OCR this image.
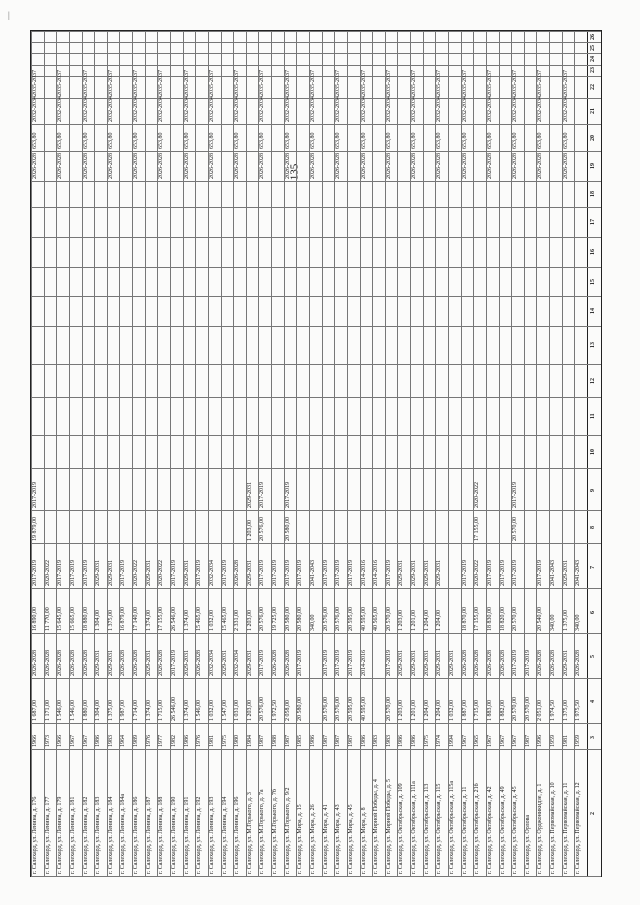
|
135
2
3
4
5
6
7
8
9
10
11
12
13
14
15
16
17
18
19
20
21
22
23
24
25
26
г. Салехард, ул. Ленина, д. 176
1966
1 687,00
2026-2028
16 890,00
2017-2019
19 879,00
2017-2019
г. Салехард, ул. Ленина, д. 177
1973
1 171,00
2026-2028
11 770,00
2020-2022
г. Салехард, ул. Ленина, д. 179
1966
1 546,00
2026-2028
15 645,00
2017-2019
г. Салехард, ул. Ленина, д. 181
1967
1 546,00
2026-2028
15 665,00
2017-2019
г. Салехард, ул. Ленина, д. 182
1967
1 880,00
2026-2028
18 880,00
2017-2019
г. Салехард, ул. Ленина, д. 183
1986
1 304,00
2029-2031
1 304,00
2029-2031
г. Салехард, ул. Ленина, д. 184
1983
1 375,00
2029-2031
1 375,00
2029-2031
г. Салехард, ул. Ленина, д. 184а
1964
1 987,00
2026-2028
16 879,00
2017-2019
г. Салехард, ул. Ленина, д. 186
1989
1 714,00
2026-2028
17 140,00
2020-2022
г. Салехард, ул. Ленина, д. 187
1976
1 374,00
2029-2031
1 374,00
2029-2031
г. Салехард, ул. Ленина, д. 188
1977
1 715,00
2026-2028
17 155,00
2020-2022
г. Салехард, ул. Ленина, д. 190
1982
26 546,00
2017-2019
26 546,00
2017-2019
г. Салехард, ул. Ленина, д. 191
1986
1 374,00
2029-2031
1 374,00
2029-2031
г. Салехард, ул. Ленина, д. 192
1976
1 546,00
2026-2028
15 465,00
2017-2019
г. Салехард, ул. Ленина, д. 193
1981
1 032,00
2032-2034
1 032,00
2032-2034
г. Салехард, ул. Ленина, д. 194
1975
1 547,00
2029-2031
15 465,00
2017-2019
г. Салехард, ул. Ленина, д. 196
1980
1 031,00
2032-2034
2 331,00
2026-2028
г. Салехард, ул. М.Горького, д. 3
1984
1 203,00
2029-2031
1 203,00
2029-2031
1 203,00
2029-2031
г. Салехард, ул. М.Горького, д. 7а
1987
20 576,00
2017-2019
20 576,00
2017-2019
20 576,00
2017-2019
г. Салехард, ул. М.Горького, д. 7б
1988
1 972,50
2026-2028
19 725,00
2017-2019
г. Салехард, ул. М.Горького, д. 9/2
1987
2 058,00
2026-2028
20 580,00
2017-2019
20 580,00
2017-2019
г. Салехард, ул. Мира, д. 15
1985
20 580,00
2017-2019
20 580,00
2017-2019
г. Салехард, ул. Мира, д. 26
1986
340,00
2041-2043
г. Салехард, ул. Мира, д. 41
1987
20 576,00
2017-2019
20 576,00
2017-2019
г. Салехард, ул. Мира, д. 43
1987
20 576,00
2017-2019
20 576,00
2017-2019
г. Салехард, ул. Мира, д. 45
1987
20 595,00
2017-2019
20 595,00
2017-2019
г. Салехард, ул. Мира, д. 8
1986
40 595,00
2014-2016
40 595,00
2014-2016
г. Салехард, ул. Мирной Победы, д. 4
1983
40 565,00
2014-2016
г. Салехард, ул. Мирной Победы, д. 5
1983
20 570,00
2017-2019
20 570,00
2017-2019
г. Салехард, ул. Октябрьская, д. 109
1986
1 203,00
2029-2031
1 203,00
2029-2031
г. Салехард, ул. Октябрьская, д. 111а
1986
1 201,00
2029-2031
1 201,00
2029-2031
г. Салехард, ул. Октябрьская, д. 113
1975
1 204,00
2029-2031
1 204,00
2029-2031
г. Салехард, ул. Октябрьская, д. 115
1974
1 204,00
2029-2031
1 204,00
2029-2031
г. Салехард, ул. Октябрьская, д. 115а
1994
1 032,00
2029-2031
г. Салехард, ул. Октябрьская, д. 11
1967
1 887,00
2026-2028
18 870,00
2017-2019
г. Салехард, ул. Октябрьская, д. 21б
1965
1 715,00
2026-2028
17 155,00
2020-2022
17 155,00
2020-2022
г. Салехард, ул. Октябрьская, д. 42
1967
1 883,00
2026-2028
18 830,00
2017-2019
г. Салехард, ул. Октябрьская, д. 49
1967
1 882,00
2026-2028
18 820,00
2017-2019
г. Салехард, ул. Октябрьская, д. 45
1967
20 570,00
2017-2019
20 570,00
2017-2019
20 570,00
2017-2019
г. Салехард, ул. Орлова
1987
20 570,00
2017-2019
г. Салехард, ул. Орджоникидзе, д. 1
1996
2 051,00
2026-2028
20 540,00
2017-2019
г. Салехард, ул. Первомайская, д. 10
1959
1 974,50
2026-2028
340,00
2041-2043
г. Салехард, ул. Первомайская, д. 11
1981
1 375,00
2029-2031
1 375,00
2029-2031
г. Салехард, ул. Первомайская, д. 12
1959
1 975,50
2026-2028
340,00
2041-2043
2026-2028
653,80
2032-2034
2035-2037
2026-2028
653,80
2032-2034
2035-2037
2026-2028
653,80
2032-2034
2035-2037
2026-2028
653,80
2032-2034
2035-2037
2026-2028
653,80
2032-2034
2035-2037
2026-2028
653,80
2032-2034
2035-2037
2026-2028
653,80
2032-2034
2035-2037
2026-2028
653,80
2032-2034
2035-2037
2026-2028
653,80
2032-2034
2035-2037
2026-2028
653,80
2032-2034
2035-2037
2026-2028
653,80
2032-2034
2035-2037
2026-2028
653,80
2032-2034
2035-2037
2026-2028
653,80
2032-2034
2035-2037
2026-2028
653,80
2032-2034
2035-2037
2026-2028
653,80
2032-2034
2035-2037
2026-2028
653,80
2032-2034
2035-2037
2026-2028
653,80
2032-2034
2035-2037
2026-2028
653,80
2032-2034
2035-2037
2026-2028
653,80
2032-2034
2035-2037
2026-2028
653,80
2032-2034
2035-2037
2026-2028
653,80
2032-2034
2035-2037
2026-2028
653,80
2032-2034
2035-2037
